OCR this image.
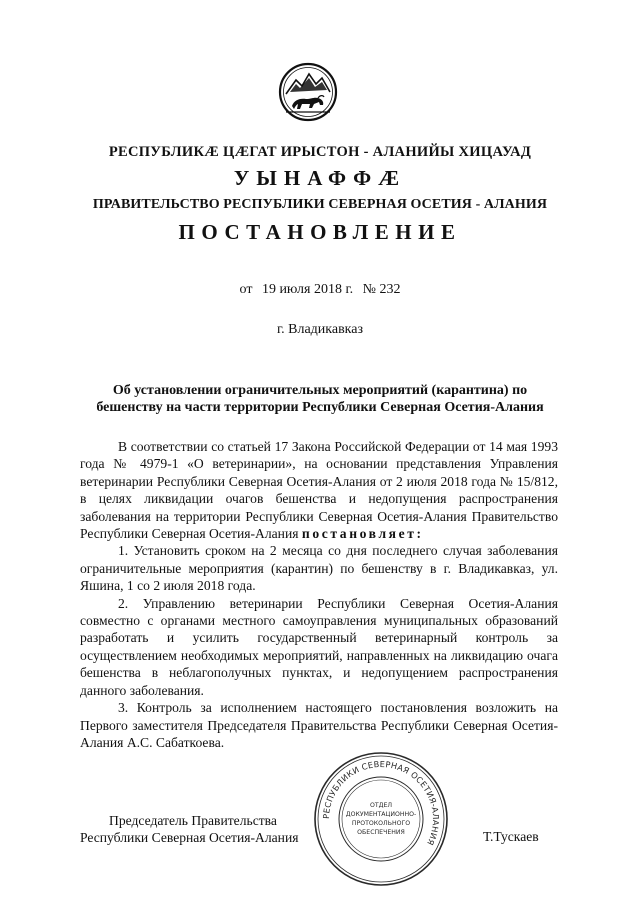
РЕСПУБЛИКӔ ЦӔГАТ ИРЫСТОН - АЛАНИЙЫ ХИЦАУАД
УЫНАФФӔ
ПРАВИТЕЛЬСТВО РЕСПУБЛИКИ СЕВЕРНАЯ ОСЕТИЯ - АЛАНИЯ
ПОСТАНОВЛЕНИЕ
от 19 июля 2018 г. № 232
г. Владикавказ
Об установлении ограничительных мероприятий (карантина) по бешенству на части территории Республики Северная Осетия-Алания

В соответствии со статьей 17 Закона Российской Федерации от 14 мая 1993 года № 4979-1 «О ветеринарии», на основании представления Управления ветеринарии Республики Северная Осетия-Алания от 2 июля 2018 года № 15/812, в целях ликвидации очагов бешенства и недопущения распространения заболевания на территории Республики Северная Осетия-Алания Правительство Республики Северная Осетия-Алания постановляет:

1. Установить сроком на 2 месяца со дня последнего случая заболевания ограничительные мероприятия (карантин) по бешенству в г. Владикавказ, ул. Яшина, 1 со 2 июля 2018 года.

2. Управлению ветеринарии Республики Северная Осетия-Алания совместно с органами местного самоуправления муниципальных образований разработать и усилить государственный ветеринарный контроль за осуществлением необходимых мероприятий, направленных на ликвидацию очага бешенства в неблагополучных пунктах, и недопущением распространения данного заболевания.

3. Контроль за исполнением настоящего постановления возложить на Первого заместителя Председателя Правительства Республики Северная Осетия-Алания А.С. Сабаткоева.

Председатель Правительства
Республики Северная Осетия-Алания	Т.Тускаев
РЕСПУБЛИКИ СЕВЕРНАЯ ОСЕТИЯ-АЛАНИЯ
ОТДЕЛ
ДОКУМЕНТАЦИОННО-
ПРОТОКОЛЬНОГО
ОБЕСПЕЧЕНИЯ
